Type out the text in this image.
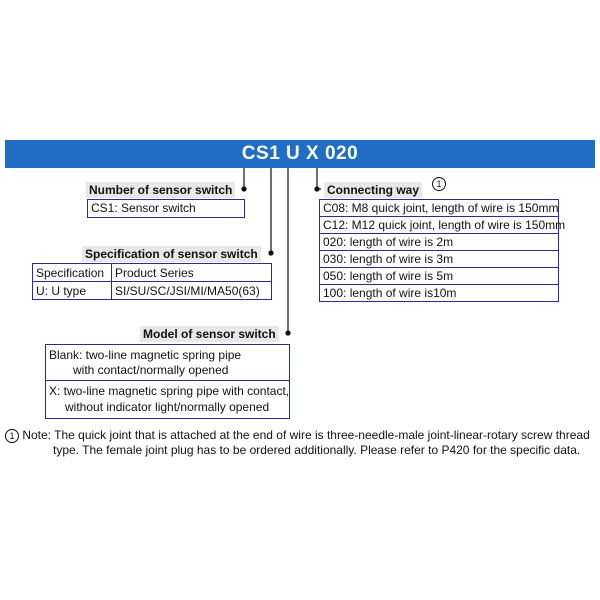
CS1 U X 020
Number of sensor switch
CS1: Sensor switch
Specification of sensor switch
Specification Product Series
U: U type SI/SU/SC/JSI/MI/MA50(63)
Model of sensor switch
Blank: two-line magnetic spring pipe
with contact/normally opened
X: two-line magnetic spring pipe with contact,
without indicator light/normally opened
Connecting way	1
C08: M8 quick joint, length of wire is 150mm
C12: M12 quick joint, length of wire is 150mm
020: length of wire is 2m
030: length of wire is 3m
050: length of wire is 5m
100: length of wire is10m
1 Note: The quick joint that is attached at the end of wire is three-needle-male joint-linear-rotary screw thread
type. The female joint plug has to be ordered additionally. Please refer to P420 for the specific data.
